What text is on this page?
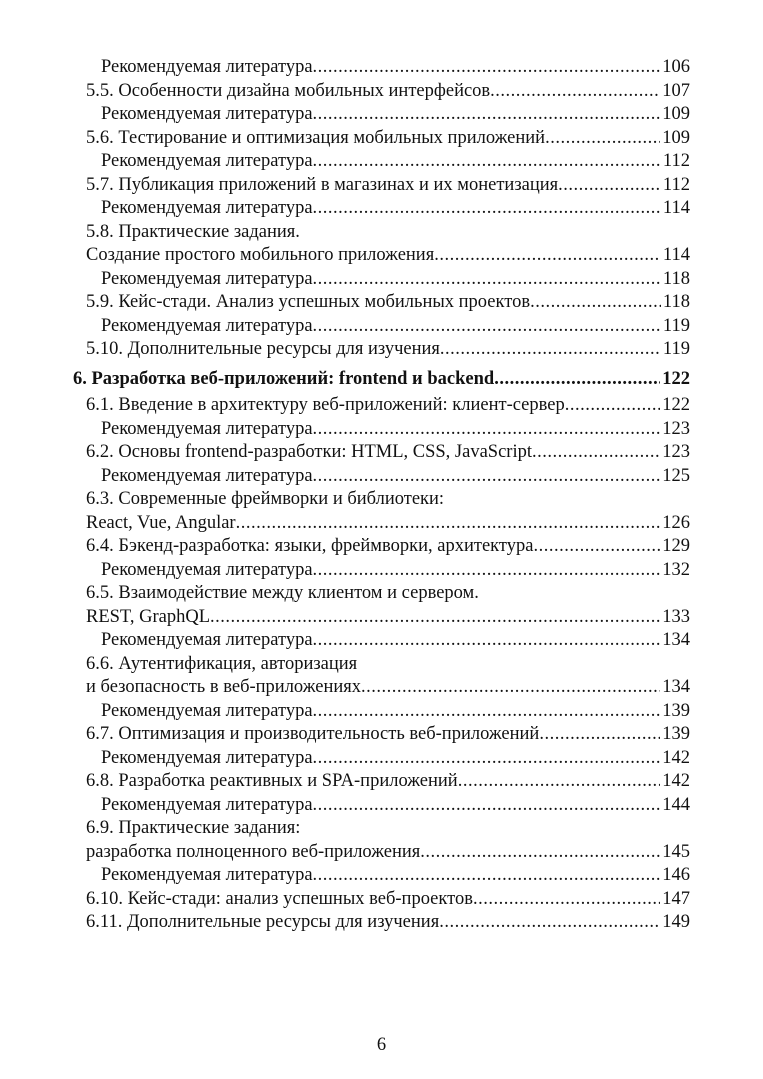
Рекомендуемая литература .....	106
5.5. Особенности дизайна мобильных интерфейсов .....	107
Рекомендуемая литература .....	109
5.6. Тестирование и оптимизация мобильных приложений .....	109
Рекомендуемая литература .....	112
5.7. Публикация приложений в магазинах и их монетизация .....	112
Рекомендуемая литература .....	114
5.8. Практические задания.
Создание простого мобильного приложения .....	114
Рекомендуемая литература .....	118
5.9. Кейс-стади. Анализ успешных мобильных проектов .....	118
Рекомендуемая литература .....	119
5.10. Дополнительные ресурсы для изучения .....	119
6. Разработка веб-приложений: frontend и backend .....	122
6.1. Введение в архитектуру веб-приложений: клиент-сервер .....	122
Рекомендуемая литература .....	123
6.2. Основы frontend-разработки: HTML, CSS, JavaScript .....	123
Рекомендуемая литература .....	125
6.3. Современные фреймворки и библиотеки:
React, Vue, Angular .....	126
6.4. Бэкенд-разработка: языки, фреймворки, архитектура .....	129
Рекомендуемая литература .....	132
6.5. Взаимодействие между клиентом и сервером.
REST, GraphQL .....	133
Рекомендуемая литература .....	134
6.6. Аутентификация, авторизация
и безопасность в веб-приложениях .....	134
Рекомендуемая литература .....	139
6.7. Оптимизация и производительность веб-приложений .....	139
Рекомендуемая литература .....	142
6.8. Разработка реактивных и SPA-приложений .....	142
Рекомендуемая литература .....	144
6.9. Практические задания:
разработка полноценного веб-приложения .....	145
Рекомендуемая литература .....	146
6.10. Кейс-стади: анализ успешных веб-проектов .....	147
6.11. Дополнительные ресурсы для изучения .....	149
6
